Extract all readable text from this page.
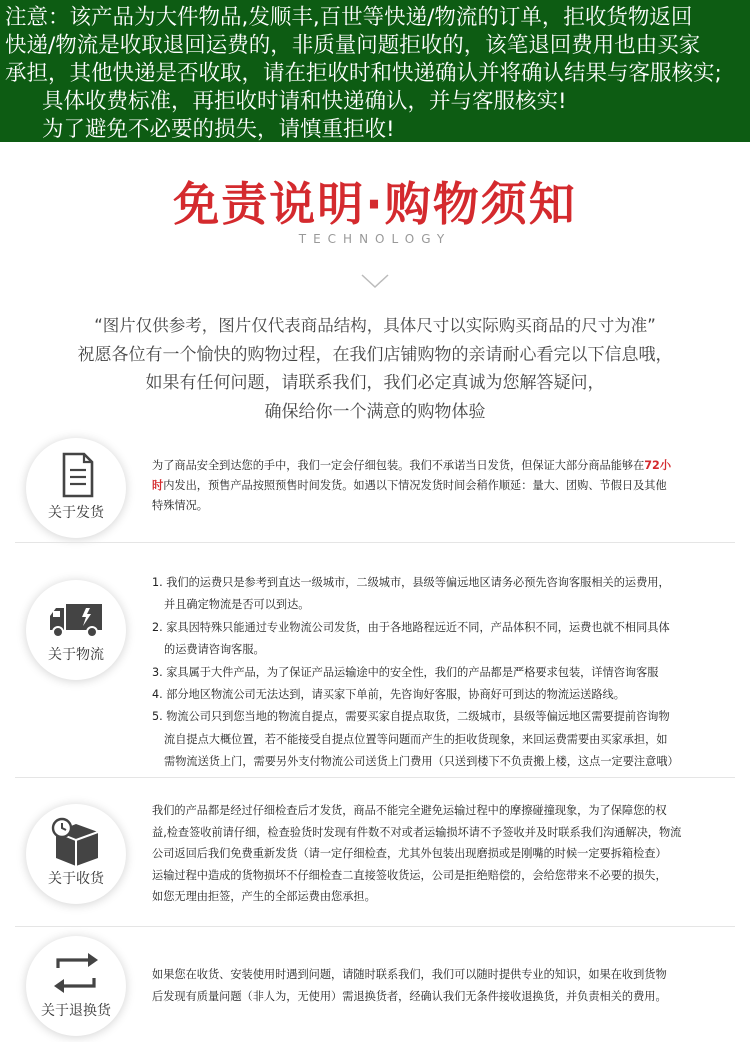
注意：该产品为大件物品,发顺丰,百世等快递/物流的订单，拒收货物返回
快递/物流是收取退回运费的，非质量问题拒收的，该笔退回费用也由买家
承担，其他快递是否收取，请在拒收时和快递确认并将确认结果与客服核实;
具体收费标准，再拒收时请和快递确认，并与客服核实!
为了避免不必要的损失，请慎重拒收!
免责说明·购物须知
TECHNOLOGY
“图片仅供参考，图片仅代表商品结构，具体尺寸以实际购买商品的尺寸为准”
祝愿各位有一个愉快的购物过程，在我们店铺购物的亲请耐心看完以下信息哦，
如果有任何问题，请联系我们，我们必定真诚为您解答疑问，
确保给你一个满意的购物体验
关于发货
为了商品安全到达您的手中，我们一定会仔细包装。我们不承诺当日发货，但保证大部分商品能够在72小
时内发出，预售产品按照预售时间发货。如遇以下情况发货时间会稍作顺延：量大、团购、节假日及其他
特殊情况。
关于物流
1. 我们的运费只是参考到直达一级城市，二级城市，县级等偏远地区请务必预先咨询客服相关的运费用，
并且确定物流是否可以到达。
2. 家具因特殊只能通过专业物流公司发货，由于各地路程远近不同，产品体积不同，运费也就不相同具体
的运费请咨询客服。
3. 家具属于大件产品，为了保证产品运输途中的安全性，我们的产品都是严格要求包装，详情咨询客服
4. 部分地区物流公司无法达到，请买家下单前，先咨询好客服，协商好可到达的物流运送路线。
5. 物流公司只到您当地的物流自提点，需要买家自提点取货，二级城市，县级等偏远地区需要提前咨询物
流自提点大概位置，若不能接受自提点位置等问题而产生的拒收货现象，来回运费需要由买家承担，如
需物流送货上门，需要另外支付物流公司送货上门费用（只送到楼下不负责搬上楼，这点一定要注意哦）
关于收货
我们的产品都是经过仔细检查后才发货，商品不能完全避免运输过程中的摩擦碰撞现象，为了保障您的权
益,检查签收前请仔细，检查验货时发现有件数不对或者运输损坏请不予签收并及时联系我们沟通解决，物流
公司返回后我们免费重新发货（请一定仔细检查，尤其外包装出现磨损或是刚嘴的时候一定要拆箱检查）
运输过程中造成的货物损坏不仔细检查二直接签收货运，公司是拒绝赔偿的，会给您带来不必要的损失，
如您无理由拒签，产生的全部运费由您承担。
关于退换货
如果您在收货、安装使用时遇到问题，请随时联系我们，我们可以随时提供专业的知识，如果在收到货物
后发现有质量问题（非人为，无使用）需退换货者，经确认我们无条件接收退换货，并负责相关的费用。
